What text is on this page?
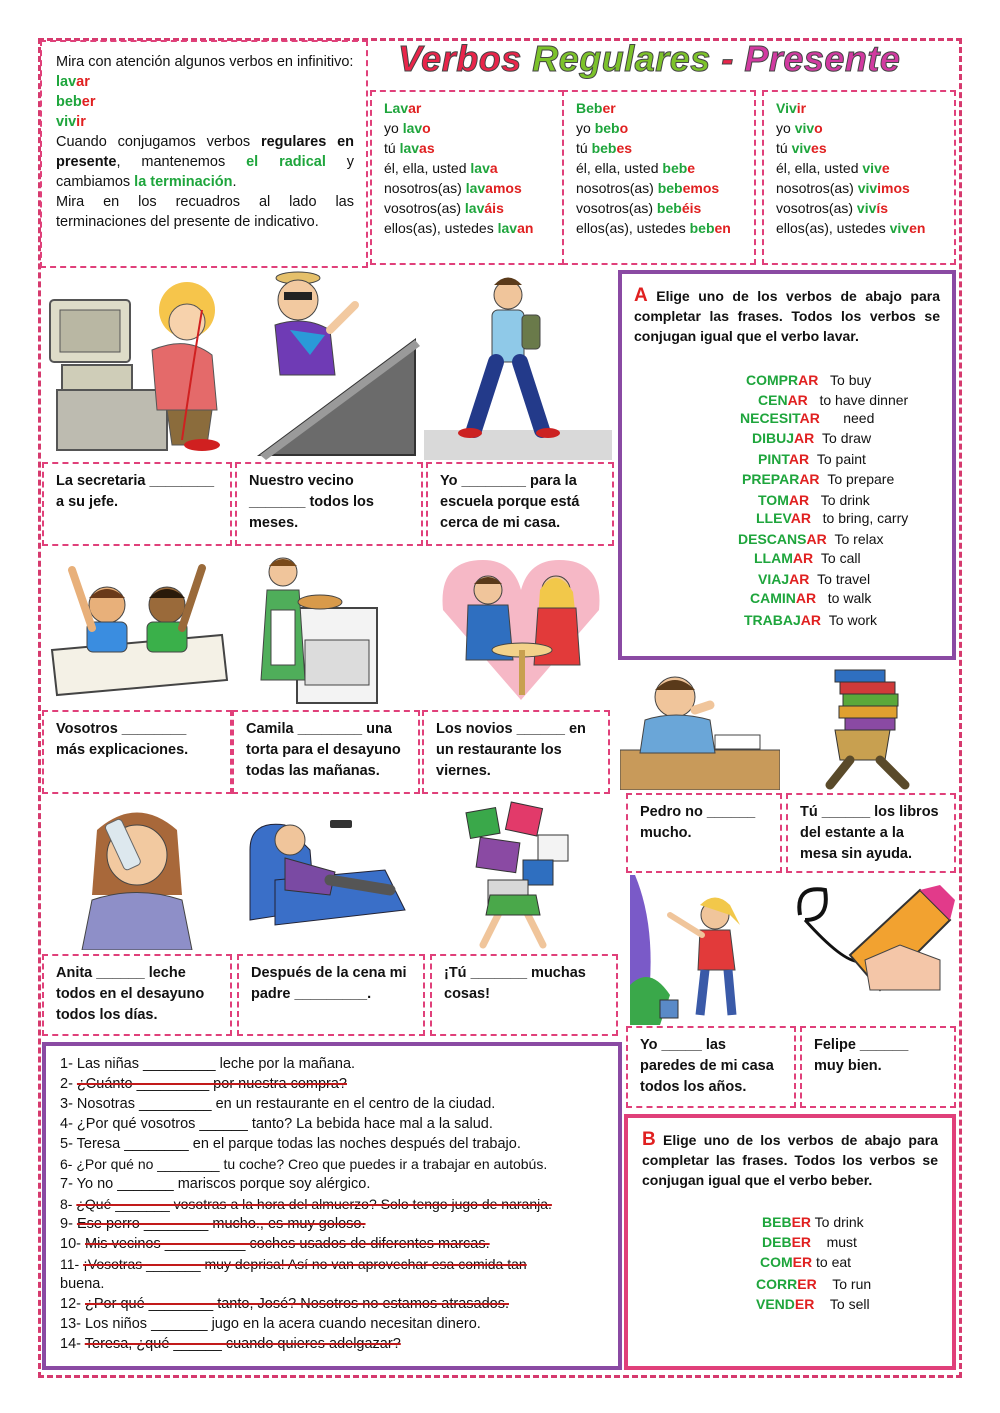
Mira con atención algunos verbos en infinitivo:
lavar
beber
vivir
Cuando conjugamos verbos regulares en presente, mantenemos el radical y cambiamos la terminación.
Mira en los recuadros al lado las terminaciones del presente de indicativo.
Verbos Regulares - Presente
Lavar
yo lavo
tú lavas
él, ella, usted lava
nosotros(as) lavamos
vosotros(as) laváis
ellos(as), ustedes lavan
Beber
yo bebo
tú bebes
él, ella, usted bebe
nosotros(as) bebemos
vosotros(as) bebéis
ellos(as), ustedes beben
Vivir
yo vivo
tú vives
él, ella, usted vive
nosotros(as) vivimos
vosotros(as) vivís
ellos(as), ustedes viven
A Elige uno de los verbos de abajo para completar las frases. Todos los verbos se conjugan igual que el verbo lavar.
COMPRAR To buy
CENAR to have dinner
NECESITAR need
DIBUJAR To draw
PINTAR To paint
PREPARAR To prepare
TOMAR To drink
LLEVAR to bring, carry
DESCANSAR To relax
LLAMAR To call
VIAJAR To travel
CAMINAR to walk
TRABAJAR To work
La secretaria ________ a su jefe.
Nuestro vecino _______ todos los meses.
Yo ________ para la escuela porque está cerca de mi casa.
Vosotros ________ más explicaciones.
Camila ________ una torta para el desayuno todas las mañanas.
Los novios ______ en un restaurante los viernes.
Pedro no ______ mucho.
Tú ______ los libros del estante a la mesa sin ayuda.
Anita ______ leche todos en el desayuno todos los días.
Después de la cena mi padre _________.
¡Tú _______ muchas cosas!
Yo _____ las paredes de mi casa todos los años.
Felipe ______ muy bien.
1- Las niñas _________ leche por la mañana.
2- ¿Cuánto _________ por nuestra compra?
3- Nosotras _________ en un restaurante en el centro de la ciudad.
4- ¿Por qué vosotros ______ tanto? La bebida hace mal a la salud.
5- Teresa ________ en el parque todas las noches después del trabajo.
6- ¿Por qué no ________ tu coche? Creo que puedes ir a trabajar en autobús.
7- Yo no _______ mariscos porque soy alérgico.
8- ¿Qué _______ vosotras a la hora del almuerzo? Solo tengo jugo de naranja.
9- Ese perro ________ mucho., es muy goloso.
10- Mis vecinos __________ coches usados de diferentes marcas.
11- ¡Vosotras _______ muy deprisa! Así no van aprovechar esa comida tan
buena.
12- ¿Por qué ________ tanto, José? Nosotros no estamos atrasados.
13- Los niños _______ jugo en la acera cuando necesitan dinero.
14- Teresa, ¿qué ______ cuando quieres adelgazar?
B Elige uno de los verbos de abajo para completar las frases. Todos los verbos se conjugan igual que el verbo beber.
BEBER To drink
DEBER must
COMER to eat
CORRER To run
VENDER To sell
